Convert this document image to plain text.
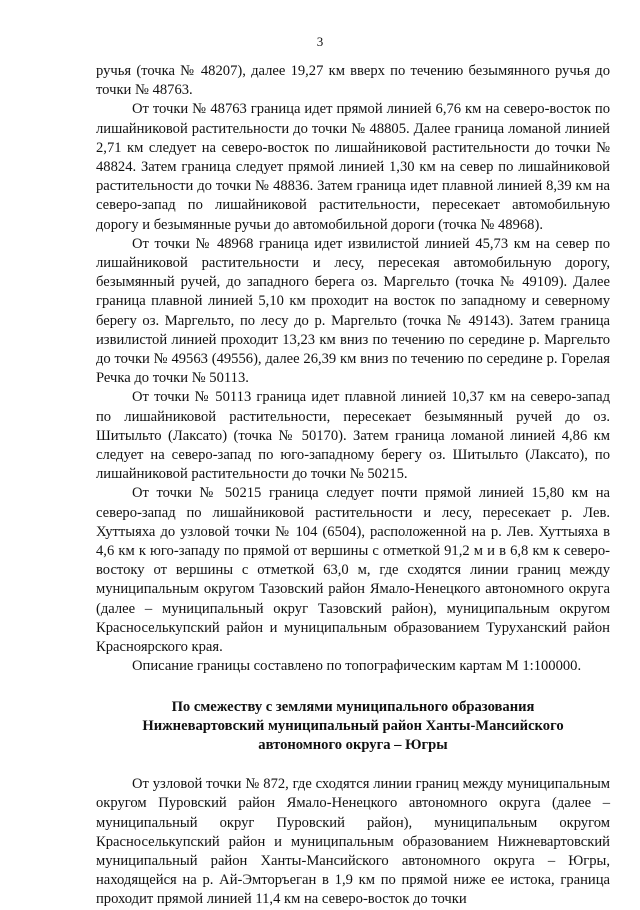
3

ручья (точка № 48207), далее 19,27 км вверх по течению безымянного ручья до точки № 48763.

От точки № 48763 граница идет прямой линией 6,76 км на северо-восток по лишайниковой растительности до точки № 48805. Далее граница ломаной линией 2,71 км следует на северо-восток по лишайниковой растительности до точки № 48824. Затем граница следует прямой линией 1,30 км на север по лишайниковой растительности до точки № 48836. Затем граница идет плавной линией 8,39 км на северо-запад по лишайниковой растительности, пересекает автомобильную дорогу и безымянные ручьи до автомобильной дороги (точка № 48968).

От точки № 48968 граница идет извилистой линией 45,73 км на север по лишайниковой растительности и лесу, пересекая автомобильную дорогу, безымянный ручей, до западного берега оз. Маргельто (точка № 49109). Далее граница плавной линией 5,10 км проходит на восток по западному и северному берегу оз. Маргельто, по лесу до р. Маргельто (точка № 49143). Затем граница извилистой линией проходит 13,23 км вниз по течению по середине р. Маргельто до точки № 49563 (49556), далее 26,39 км вниз по течению по середине р. Горелая Речка до точки № 50113.

От точки № 50113 граница идет плавной линией 10,37 км на северо-запад по лишайниковой растительности, пересекает безымянный ручей до оз. Шитыльто (Лаксато) (точка № 50170). Затем граница ломаной линией 4,86 км следует на северо-запад по юго-западному берегу оз. Шитыльто (Лаксато), по лишайниковой растительности до точки № 50215.

От точки № 50215 граница следует почти прямой линией 15,80 км на северо-запад по лишайниковой растительности и лесу, пересекает р. Лев. Хуттыяха до узловой точки № 104 (6504), расположенной на р. Лев. Хуттыяха в 4,6 км к юго-западу по прямой от вершины с отметкой 91,2 м и в 6,8 км к северо-востоку от вершины с отметкой 63,0 м, где сходятся линии границ между муниципальным округом Тазовский район Ямало-Ненецкого автономного округа (далее – муниципальный округ Тазовский район), муниципальным округом Красноселькупский район и муниципальным образованием Туруханский район Красноярского края.

Описание границы составлено по топографическим картам М 1:100000.

По смежеству с землями муниципального образования
Нижневартовский муниципальный район Ханты-Мансийского
автономного округа – Югры

От узловой точки № 872, где сходятся линии границ между муниципальным округом Пуровский район Ямало-Ненецкого автономного округа (далее – муниципальный округ Пуровский район), муниципальным округом Красноселькупский район и муниципальным образованием Нижневартовский муниципальный район Ханты-Мансийского автономного округа – Югры, находящейся на р. Ай-Эмторъеган в 1,9 км по прямой ниже ее истока, граница проходит прямой линией 11,4 км на северо-восток до точки
